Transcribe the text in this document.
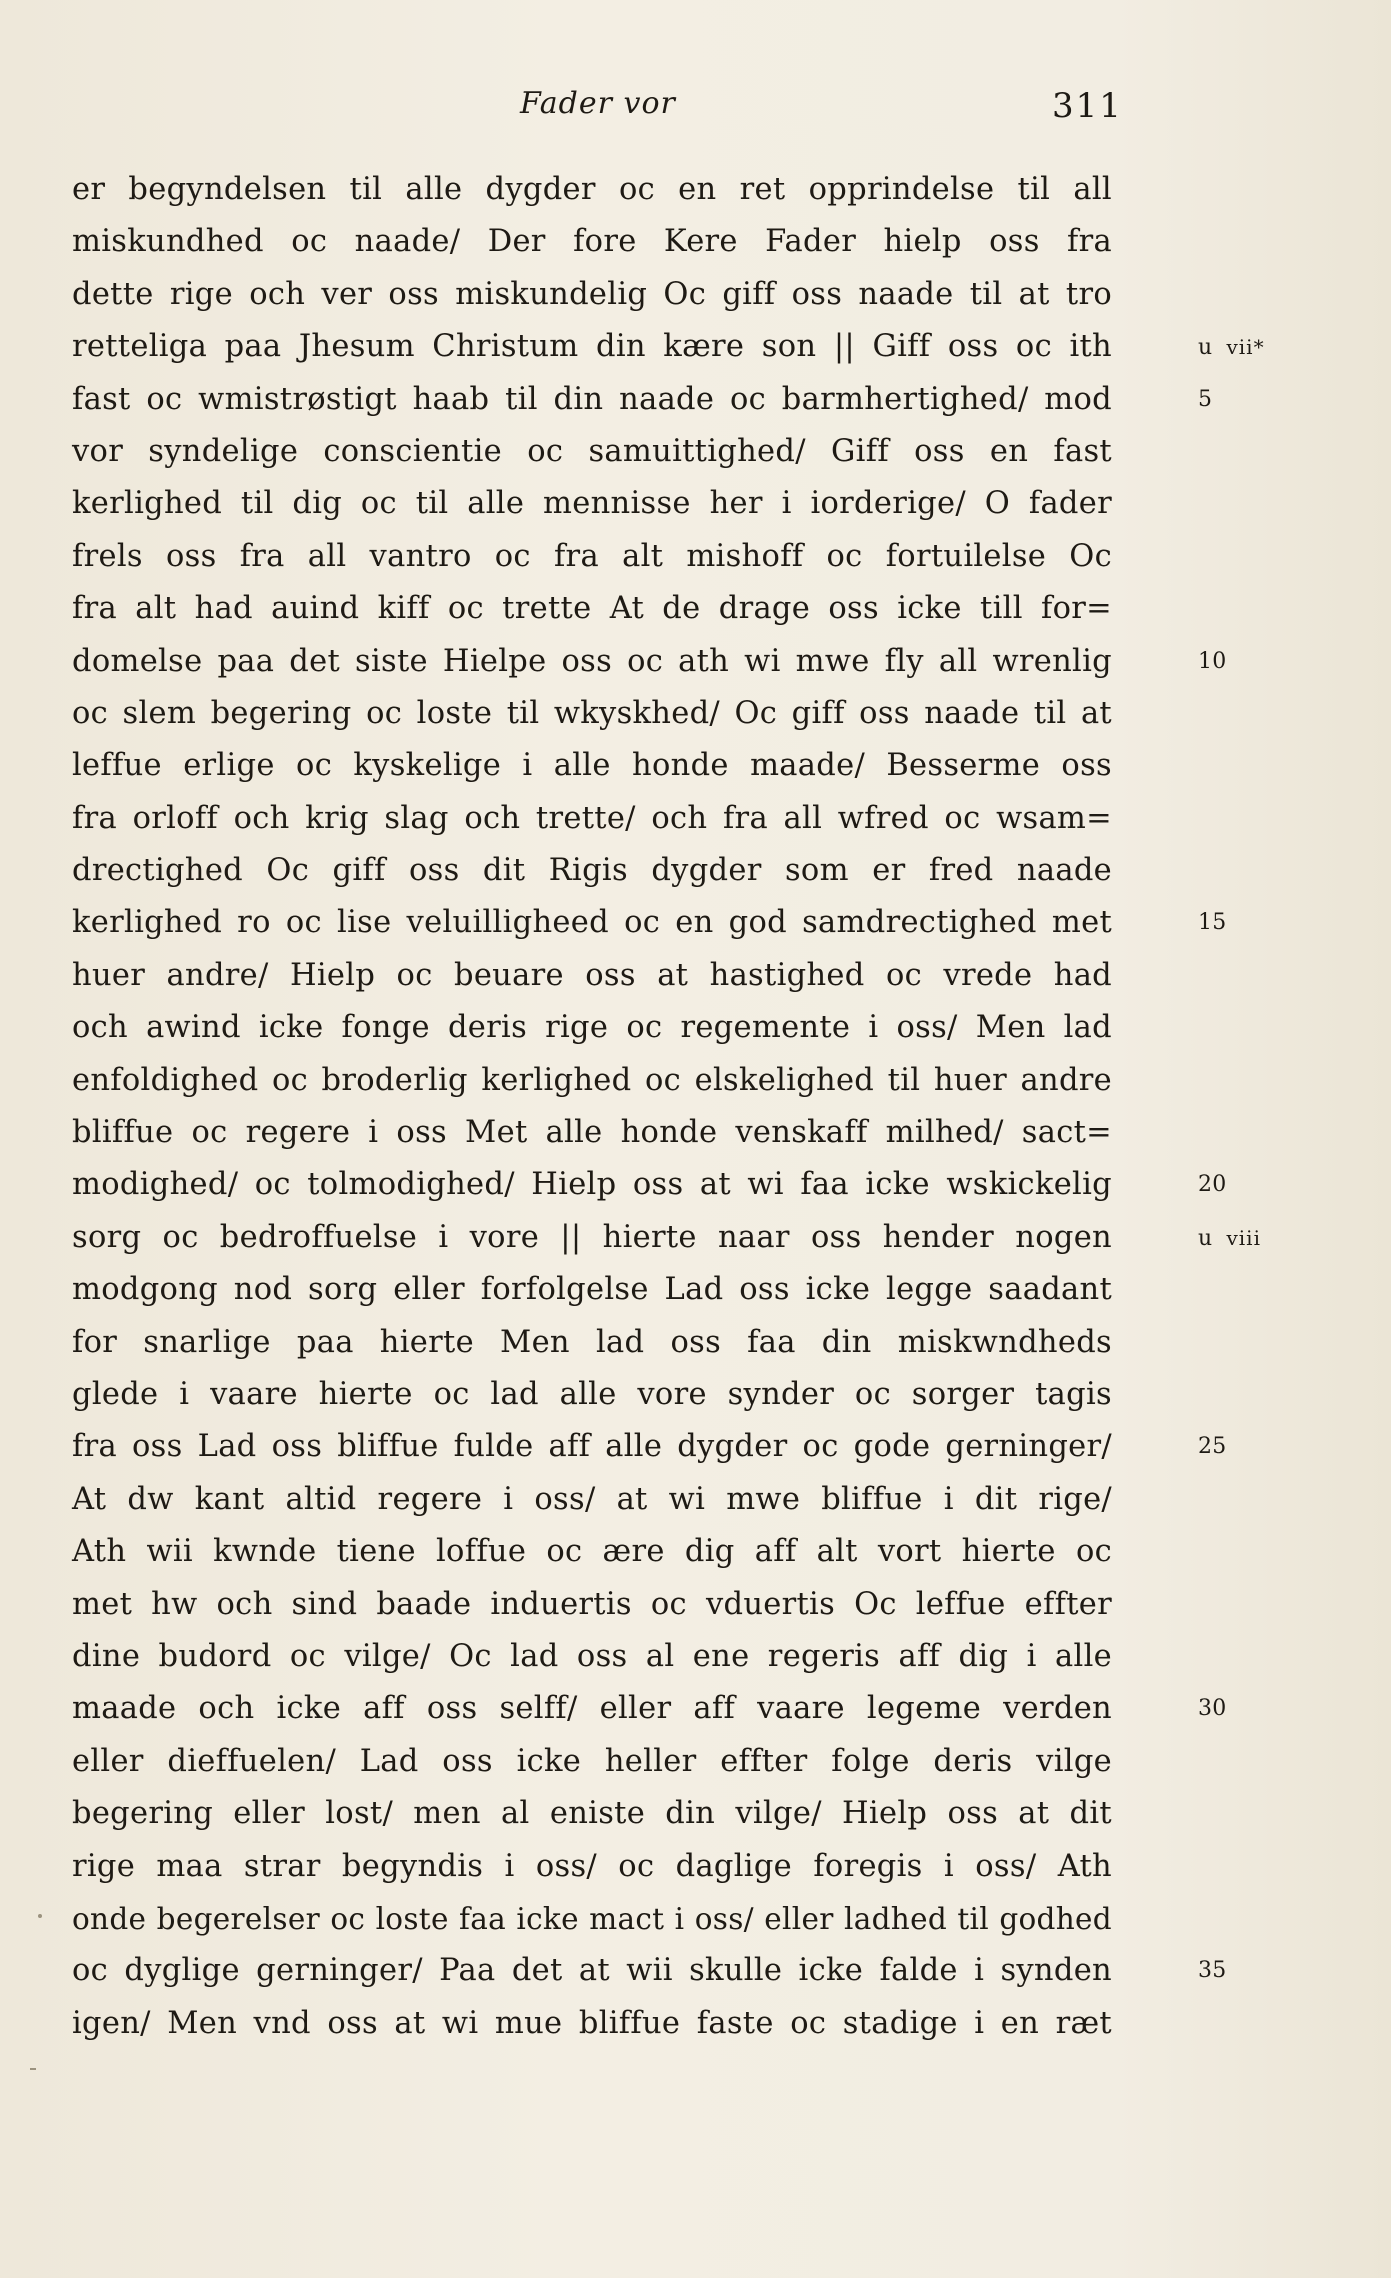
Fader vor	311
er begyndelsen til alle dygder oc en ret opprindelse til all
miskundhed oc naade/ Der fore Kere Fader hielp oss fra
dette rige och ver oss miskundelig Oc giff oss naade til at tro
retteliga paa Jhesum Christum din kære son || Giff oss oc ith	u vii*
fast oc wmistrøstigt haab til din naade oc barmhertighed/ mod	5
vor syndelige conscientie oc samuittighed/ Giff oss en fast
kerlighed til dig oc til alle mennisse her i iorderige/ O fader
frels oss fra all vantro oc fra alt mishoff oc fortuilelse Oc
fra alt had auind kiff oc trette At de drage oss icke till for=
domelse paa det siste Hielpe oss oc ath wi mwe fly all wrenlig	10
oc slem begering oc loste til wkyskhed/ Oc giff oss naade til at
leffue erlige oc kyskelige i alle honde maade/ Besserme oss
fra orloff och krig slag och trette/ och fra all wfred oc wsam=
drectighed Oc giff oss dit Rigis dygder som er fred naade
kerlighed ro oc lise veluilligheed oc en god samdrectighed met	15
huer andre/ Hielp oc beuare oss at hastighed oc vrede had
och awind icke fonge deris rige oc regemente i oss/ Men lad
enfoldighed oc broderlig kerlighed oc elskelighed til huer andre
bliffue oc regere i oss Met alle honde venskaff milhed/ sact=
modighed/ oc tolmodighed/ Hielp oss at wi faa icke wskickelig	20
sorg oc bedroffuelse i vore || hierte naar oss hender nogen	u viii
modgong nod sorg eller forfolgelse Lad oss icke legge saadant
for snarlige paa hierte Men lad oss faa din miskwndheds
glede i vaare hierte oc lad alle vore synder oc sorger tagis
fra oss Lad oss bliffue fulde aff alle dygder oc gode gerninger/	25
At dw kant altid regere i oss/ at wi mwe bliffue i dit rige/
Ath wii kwnde tiene loffue oc ære dig aff alt vort hierte oc
met hw och sind baade induertis oc vduertis Oc leffue effter
dine budord oc vilge/ Oc lad oss al ene regeris aff dig i alle
maade och icke aff oss selff/ eller aff vaare legeme verden	30
eller dieffuelen/ Lad oss icke heller effter folge deris vilge
begering eller lost/ men al eniste din vilge/ Hielp oss at dit
rige maa strar begyndis i oss/ oc daglige foregis i oss/ Ath
onde begerelser oc loste faa icke mact i oss/ eller ladhed til godhed
oc dyglige gerninger/ Paa det at wii skulle icke falde i synden	35
igen/ Men vnd oss at wi mue bliffue faste oc stadige i en ræt
